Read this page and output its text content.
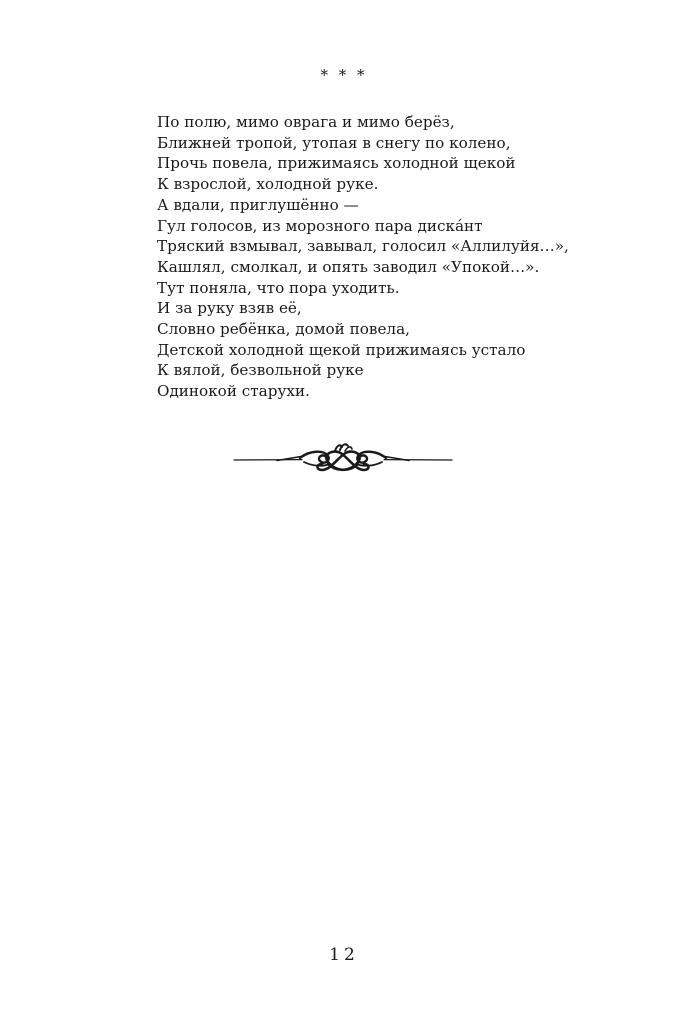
* * *
По полю, мимо оврага и мимо берёз,
Ближней тропой, утопая в снегу по колено,
Прочь повела, прижимаясь холодной щекой
К взрослой, холодной руке.
А вдали, приглушённо —
Гул голосов, из морозного пара дискáнт
Тряский взмывал, завывал, голосил «Аллилуйя…»,
Кашлял, смолкал, и опять заводил «Упокой…».
Тут поняла, что пора уходить.
И за руку взяв её,
Словно ребёнка, домой повела,
Детской холодной щекой прижимаясь устало
К вялой, безвольной руке
Одинокой старухи.
12
